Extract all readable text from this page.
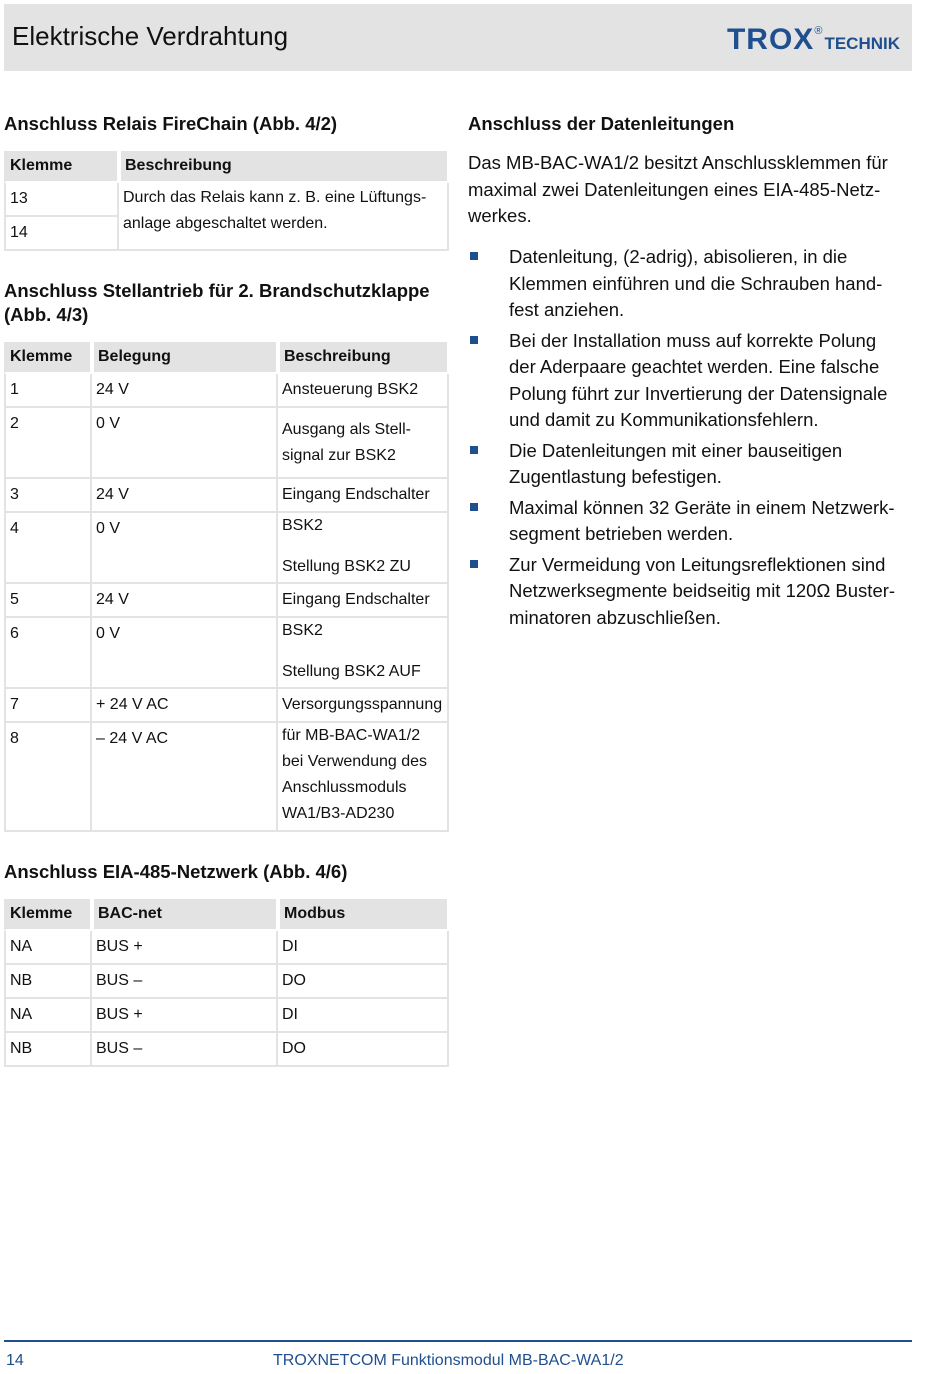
Elektrische Verdrahtung	TROX ®
TECHNIK
Anschluss Relais FireChain (Abb. 4/2)
Klemme	Beschreibung
13	Durch das Relais kann z. B. eine Lüftungs-
anlage abgeschaltet werden.

14	
Anschluss Stellantrieb für 2. Brandschutzklappe
(Abb. 4/3)
Klemme	Belegung	Beschreibung
1	24 V	Ansteuerung BSK2
2	0 V	Ausgang als Stell-
signal zur BSK2

3	24 V	Eingang Endschalter
4	0 V	BSK2
Stellung BSK2 ZU

5	24 V	Eingang Endschalter
6	0 V	BSK2
Stellung BSK2 AUF

7	+ 24 V AC	Versorgungsspannung
8	– 24 V AC	für MB-BAC-WA1/2
bei Verwendung des
Anschlussmoduls
WA1/B3-AD230
Anschluss EIA-485-Netzwerk (Abb. 4/6)
Klemme	BAC-net	Modbus
NA	BUS +	DI
NB	BUS –	DO
NA	BUS +	DI
NB	BUS –	DO
Anschluss der Datenleitungen
Das MB-BAC-WA1/2 besitzt Anschlussklemmen für
maximal zwei Datenleitungen eines EIA-485-Netz-
werkes.
Datenleitung, (2-adrig), abisolieren, in die
Klemmen einführen und die Schrauben hand-
fest anziehen.
Bei der Installation muss auf korrekte Polung
der Aderpaare geachtet werden. Eine falsche
Polung führt zur Invertierung der Datensignale
und damit zu Kommunikationsfehlern.
Die Datenleitungen mit einer bauseitigen
Zugentlastung befestigen.
Maximal können 32 Geräte in einem Netzwerk-
segment betrieben werden.
Zur Vermeidung von Leitungsreflektionen sind
Netzwerksegmente beidseitig mit 120Ω Buster-
minatoren abzuschließen.
14	TROXNETCOM Funktionsmodul MB-BAC-WA1/2
